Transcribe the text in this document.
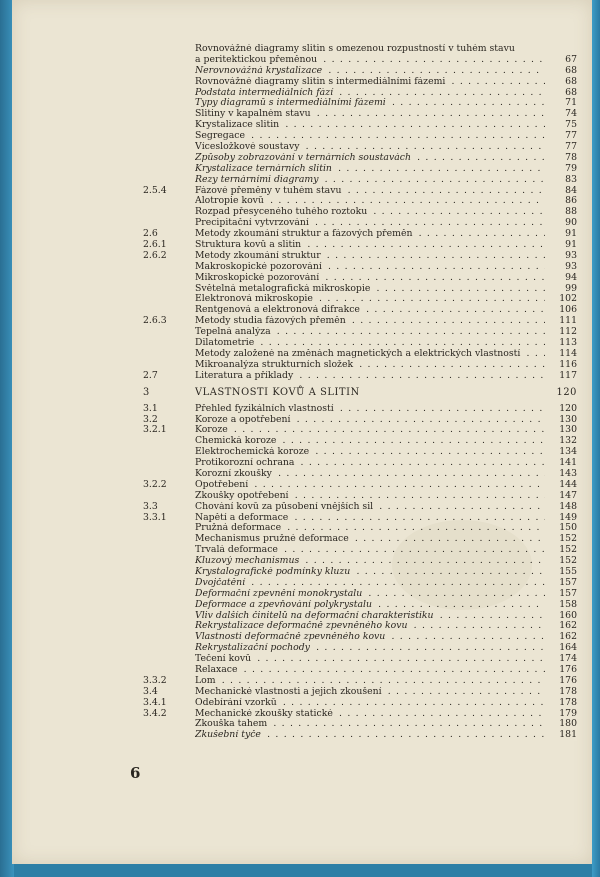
Rovnovážné diagramy slitin s omezenou rozpustností v tuhém stavu
a peritektickou přeměnou . . .	67
Nerovnovážná krystalizace . . .	68
Rovnovážné diagramy slitin s intermediálními fázemi . . .	68
Podstata intermediálních fází . . .	68
Typy diagramů s intermediálními fázemi . . .	71
Slitiny v kapalném stavu . . .	74
Krystalizace slitin . . .	75
Segregace . . .	77
Vícesložkové soustavy . . .	77
Způsoby zobrazování v ternárních soustavách . . .	78
Krystalizace ternárních slitin . . .	79
Řezy ternárními diagramy . . .	83
2.5.4	Fázové přeměny v tuhém stavu . . .	84
Alotropie kovů . . .	86
Rozpad přesyceného tuhého roztoku . . .	88
Precipitační vytvrzování . . .	90
2.6	Metody zkoumání struktur a fázových přeměn . . .	91
2.6.1	Struktura kovů a slitin . . .	91
2.6.2	Metody zkoumání struktur . . .	93
Makroskopické pozorování . . .	93
Mikroskopické pozorování . . .	94
Světelná metalografická mikroskopie . . .	99
Elektronová mikroskopie . . .	102
Rentgenová a elektronová difrakce . . .	106
2.6.3	Metody studia fázových přeměn . . .	111
Tepelná analýza . . .	112
Dilatometrie . . .	113
Metody založené na změnách magnetických a elektrických vlastností . . .	114
Mikroanalýza strukturních složek . . .	116
2.7	Literatura a příklady . . .	117
3	VLASTNOSTI KOVŮ A SLITIN	120
3.1	Přehled fyzikálních vlastností . . .	120
3.2	Koroze a opotřebení . . .	130
3.2.1	Koroze . . .	130
Chemická koroze . . .	132
Elektrochemická koroze . . .	134
Protikorozní ochrana . . .	141
Korozní zkoušky . . .	143
3.2.2	Opotřebení . . .	144
Zkoušky opotřebení . . .	147
3.3	Chování kovů za působení vnějších sil . . .	148
3.3.1	Napětí a deformace . . .	149
Pružná deformace . . .	150
Mechanismus pružné deformace . . .	152
Trvalá deformace . . .	152
Kluzový mechanismus . . .	152
Krystalografické podmínky kluzu . . .	155
Dvojčatění . . .	157
Deformační zpevnění monokrystalu . . .	157
Deformace a zpevňování polykrystalu . . .	158
Vliv dalších činitelů na deformační charakteristiku . . .	160
Rekrystalizace deformačně zpevněného kovu . . .	162
Vlastnosti deformačně zpevněného kovu . . .	162
Rekrystalizační pochody . . .	164
Tečení kovů . . .	174
Relaxace . . .	176
3.3.2	Lom . . .	176
3.4	Mechanické vlastnosti a jejich zkoušení . . .	178
3.4.1	Odebírání vzorků . . .	178
3.4.2	Mechanické zkoušky statické . . .	179
Zkouška tahem . . .	180
Zkušební tyče . . .	181
6
